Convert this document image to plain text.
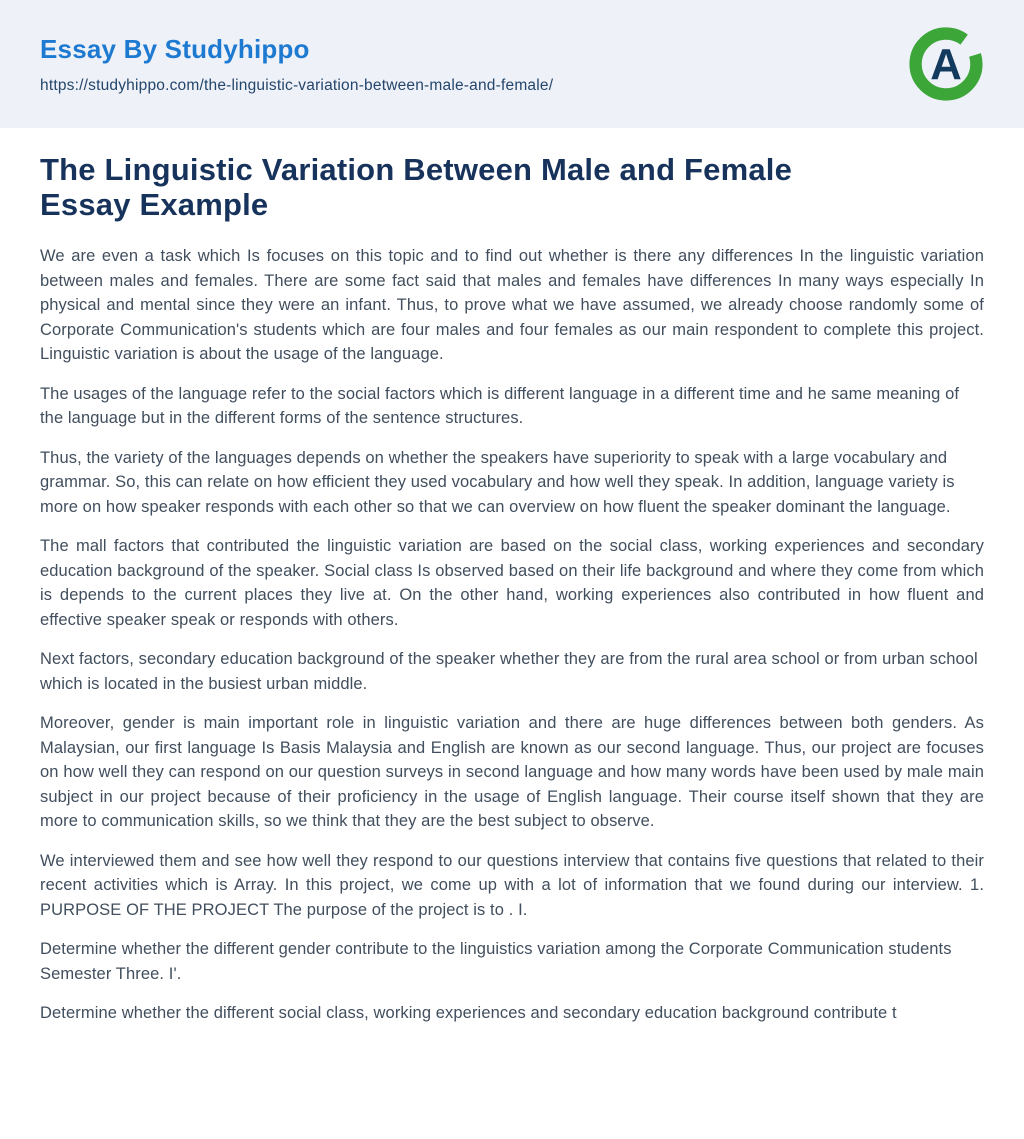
Essay By Studyhippo
https://studyhippo.com/the-linguistic-variation-between-male-and-female/	A
The Linguistic Variation Between Male and Female Essay Example

We are even a task which Is focuses on this topic and to find out whether is there any differences In the linguistic variation between males and females. There are some fact said that males and females have differences In many ways especially In physical and mental since they were an infant. Thus, to prove what we have assumed, we already choose randomly some of Corporate Communication's students which are four males and four females as our main respondent to complete this project. Linguistic variation is about the usage of the language.

The usages of the language refer to the social factors which is different language in a different time and he same meaning of the language but in the different forms of the sentence structures.

Thus, the variety of the languages depends on whether the speakers have superiority to speak with a large vocabulary and grammar. So, this can relate on how efficient they used vocabulary and how well they speak. In addition, language variety is more on how speaker responds with each other so that we can overview on how fluent the speaker dominant the language.

The mall factors that contributed the linguistic variation are based on the social class, working experiences and secondary education background of the speaker. Social class Is observed based on their life background and where they come from which is depends to the current places they live at. On the other hand, working experiences also contributed in how fluent and effective speaker speak or responds with others.

Next factors, secondary education background of the speaker whether they are from the rural area school or from urban school which is located in the busiest urban middle.

Moreover, gender is main important role in linguistic variation and there are huge differences between both genders. As Malaysian, our first language Is Basis Malaysia and English are known as our second language. Thus, our project are focuses on how well they can respond on our question surveys in second language and how many words have been used by male main subject in our project because of their proficiency in the usage of English language. Their course itself shown that they are more to communication skills, so we think that they are the best subject to observe.

We interviewed them and see how well they respond to our questions interview that contains five questions that related to their recent activities which is Array. In this project, we come up with a lot of information that we found during our interview. 1. PURPOSE OF THE PROJECT The purpose of the project is to . I.

Determine whether the different gender contribute to the linguistics variation among the Corporate Communication students Semester Three. I'.

Determine whether the different social class, working experiences and secondary education background contribute t
